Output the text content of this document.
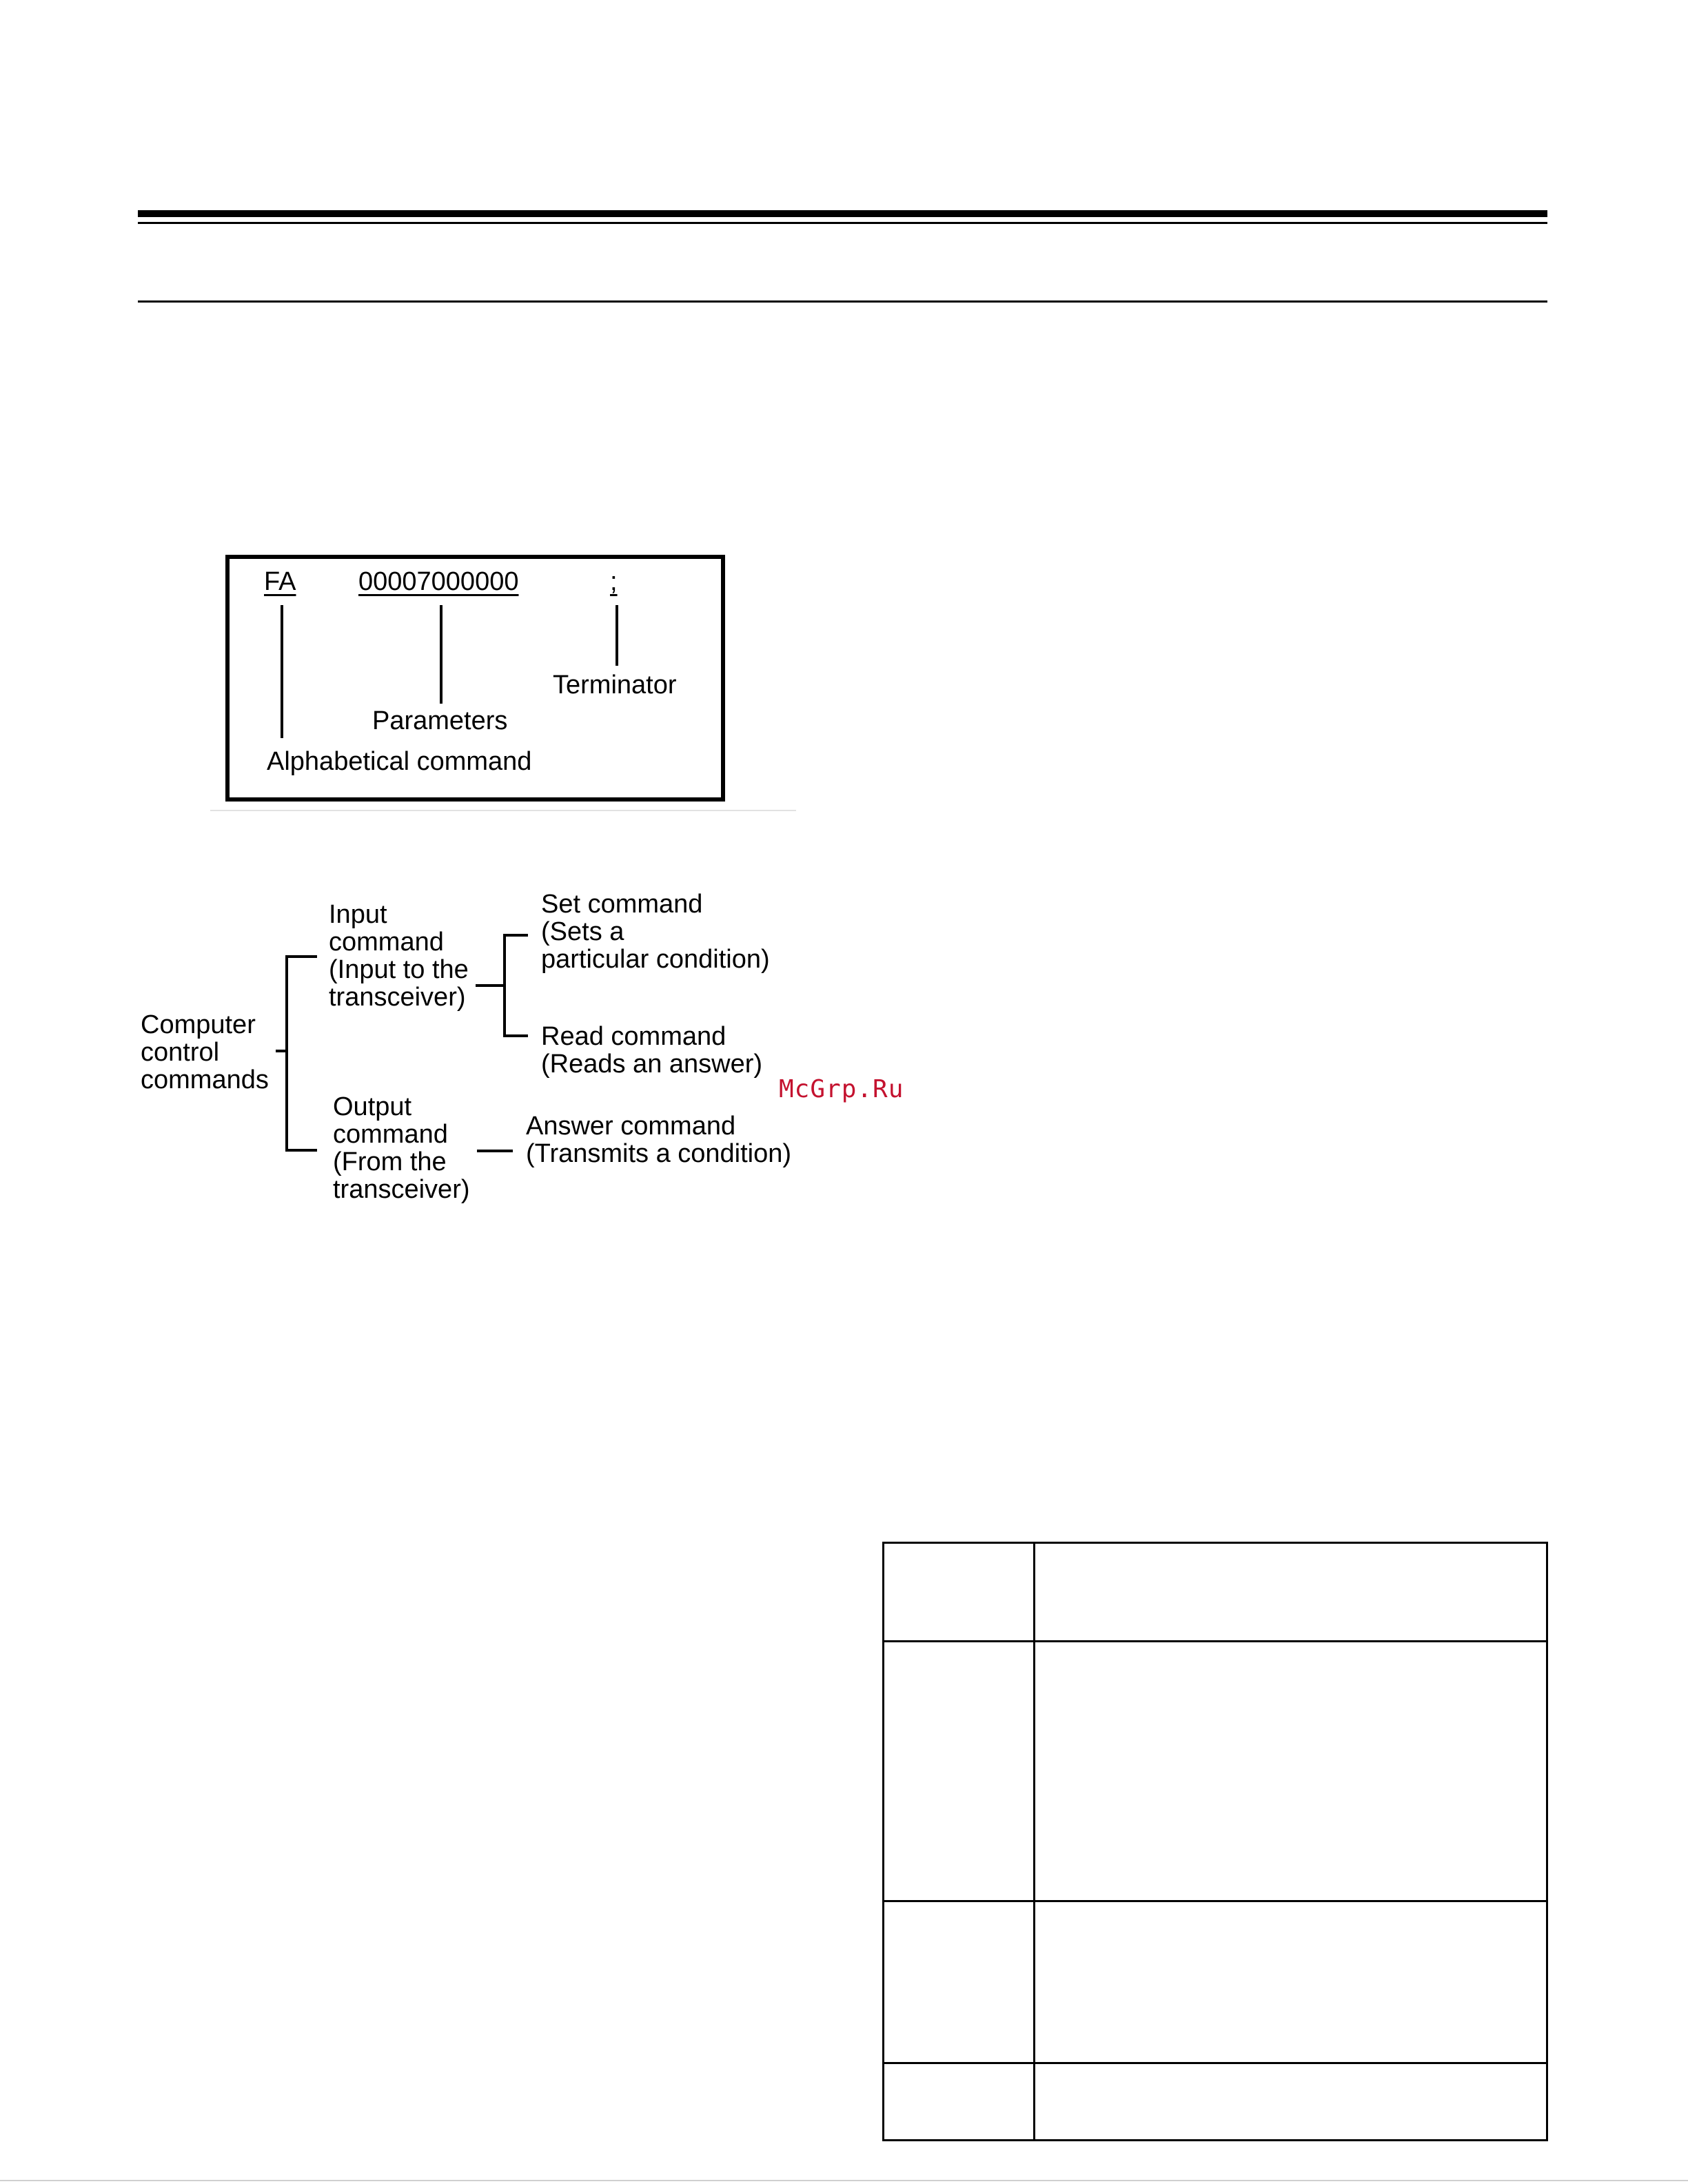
FA 00007000000	;
Terminator
Parameters
Alphabetical command
Computer
control
commands
Input
command
(Input to the
transceiver)
Set command
(Sets a
particular condition)
Read command
(Reads an answer)
Output
command
(From the
transceiver)
Answer command
(Transmits a condition)
McGrp.Ru
